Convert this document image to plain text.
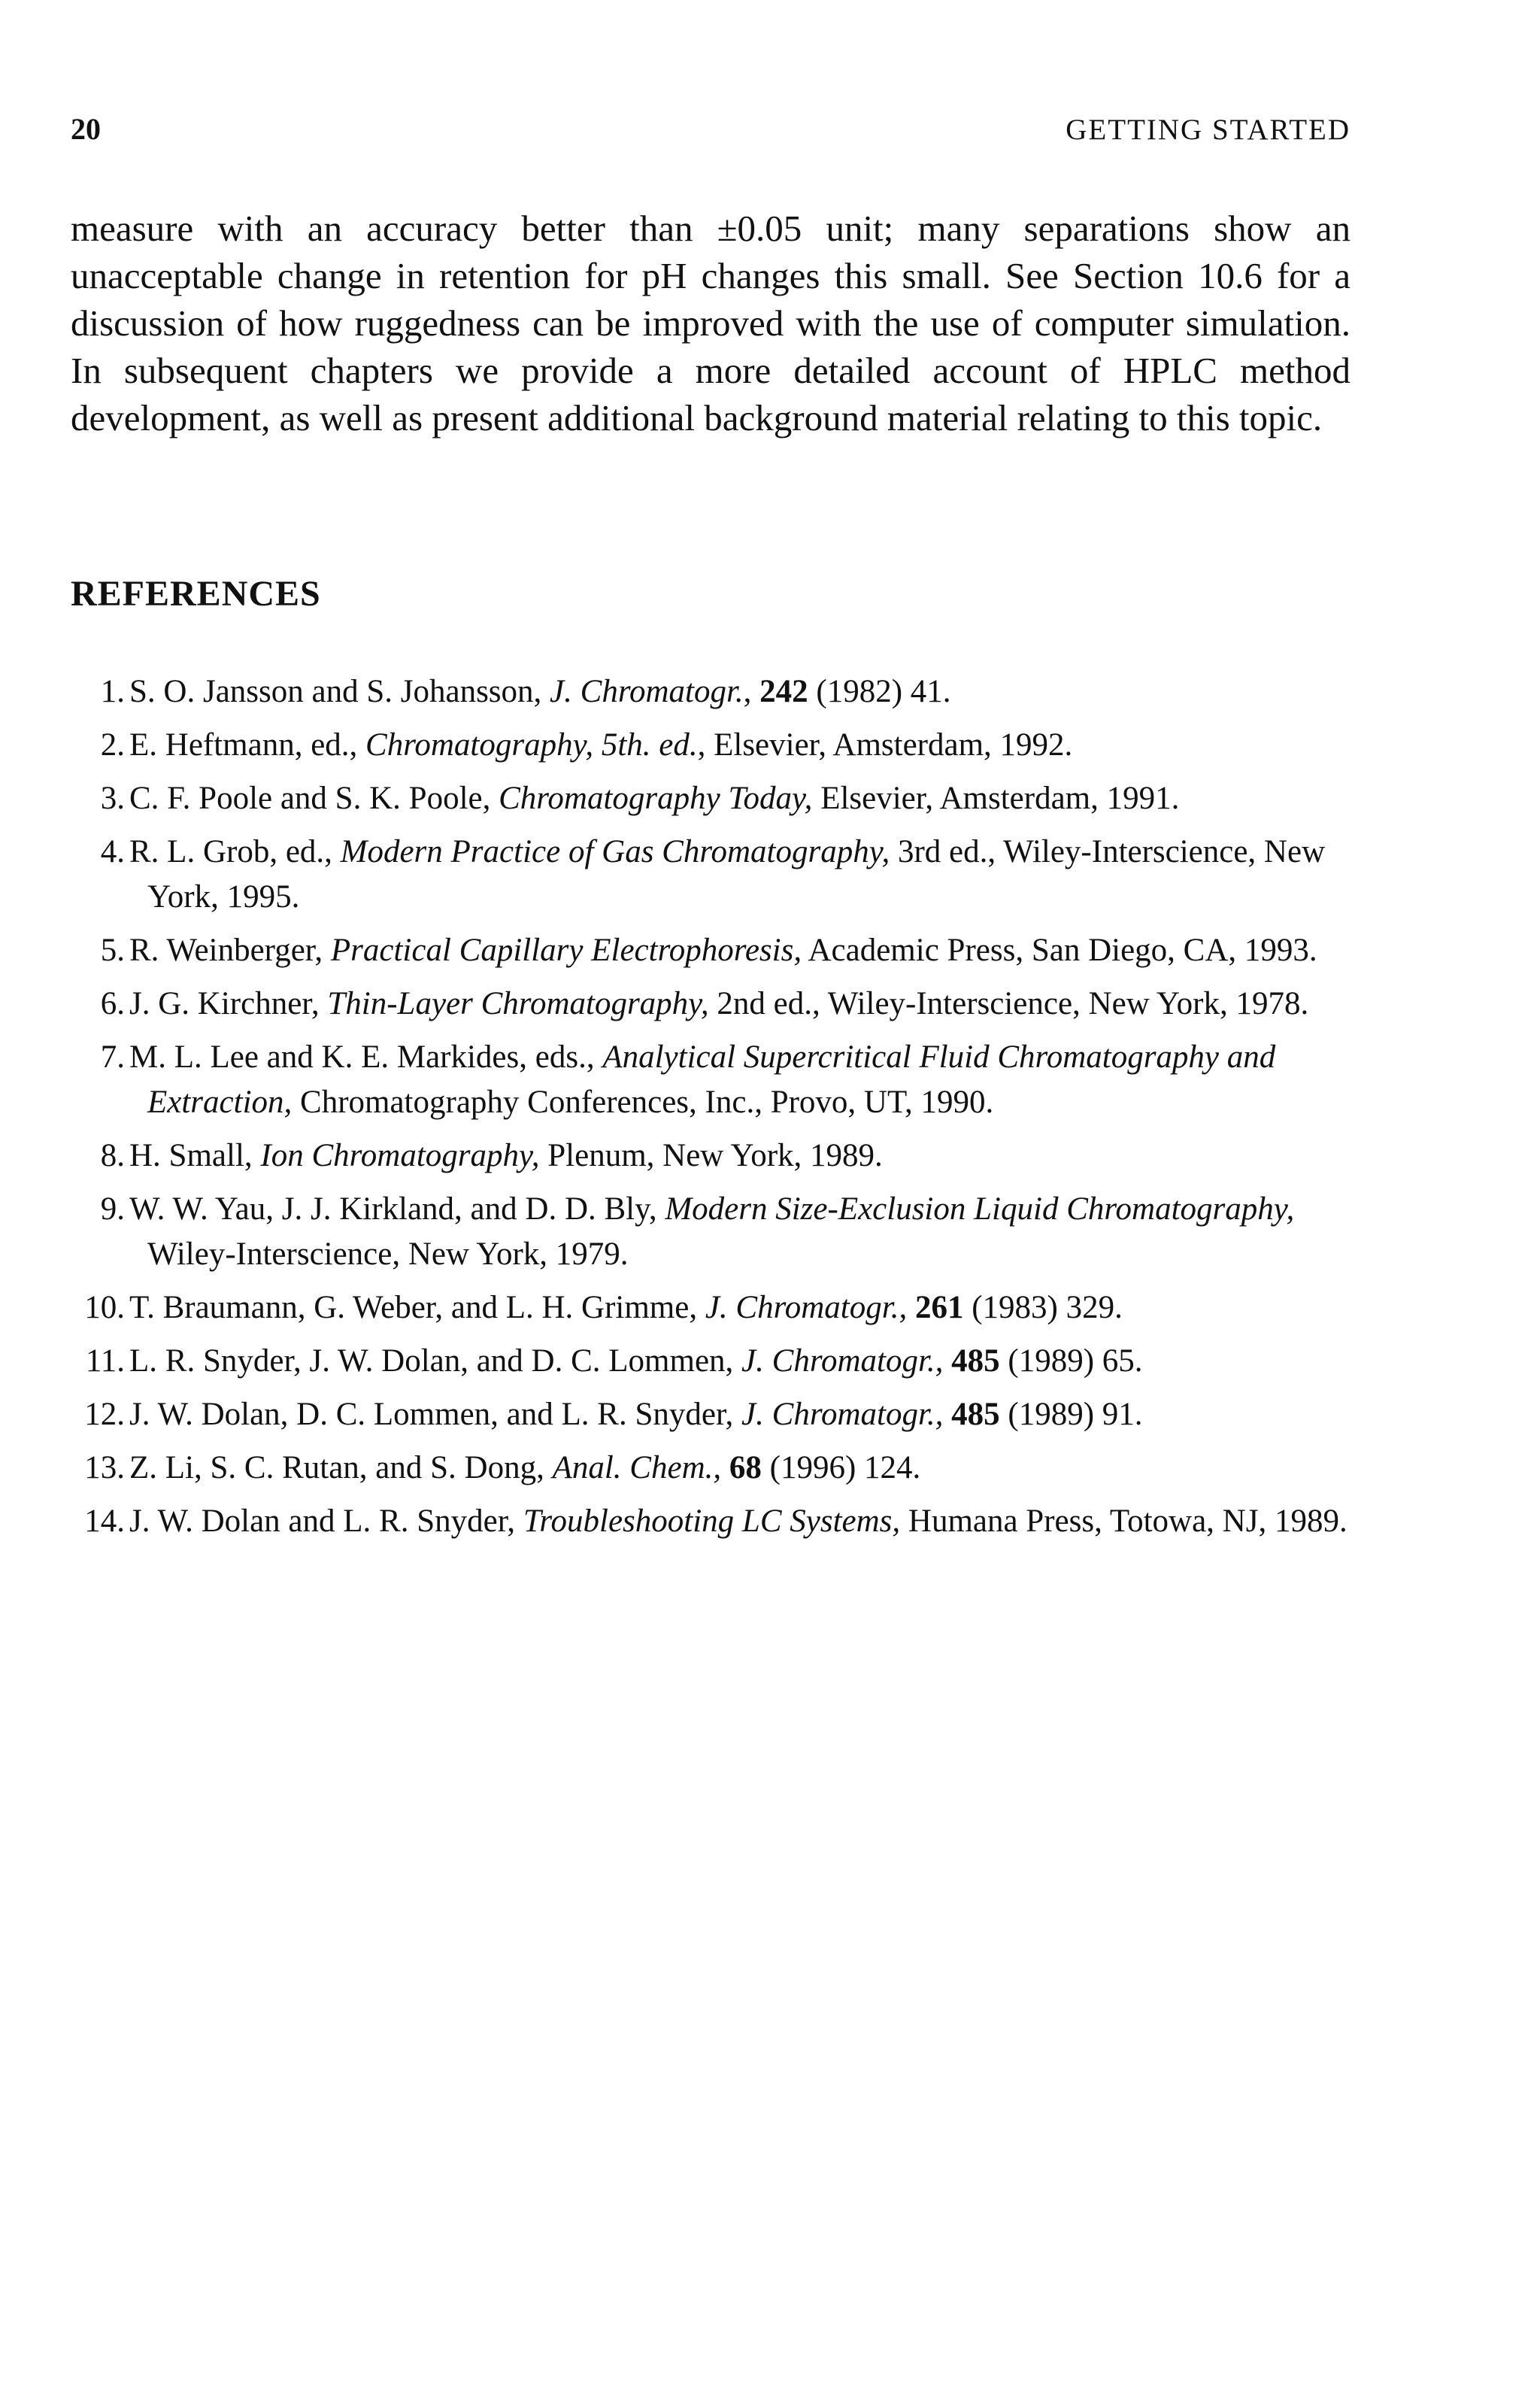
20	GETTING STARTED

measure with an accuracy better than ±0.05 unit; many separations show an unacceptable change in retention for pH changes this small. See Section 10.6 for a discussion of how ruggedness can be improved with the use of computer simulation. In subsequent chapters we provide a more detailed account of HPLC method development, as well as present additional background material relating to this topic.

REFERENCES
1. S. O. Jansson and S. Johansson, J. Chromatogr., 242 (1982) 41.
2. E. Heftmann, ed., Chromatography, 5th. ed., Elsevier, Amsterdam, 1992.
3. C. F. Poole and S. K. Poole, Chromatography Today, Elsevier, Amsterdam, 1991.
4. R. L. Grob, ed., Modern Practice of Gas Chromatography, 3rd ed., Wiley-Interscience, New York, 1995.
5. R. Weinberger, Practical Capillary Electrophoresis, Academic Press, San Diego, CA, 1993.
6. J. G. Kirchner, Thin-Layer Chromatography, 2nd ed., Wiley-Interscience, New York, 1978.
7. M. L. Lee and K. E. Markides, eds., Analytical Supercritical Fluid Chromatography and Extraction, Chromatography Conferences, Inc., Provo, UT, 1990.
8. H. Small, Ion Chromatography, Plenum, New York, 1989.
9. W. W. Yau, J. J. Kirkland, and D. D. Bly, Modern Size-Exclusion Liquid Chromatography, Wiley-Interscience, New York, 1979.
10. T. Braumann, G. Weber, and L. H. Grimme, J. Chromatogr., 261 (1983) 329.
11. L. R. Snyder, J. W. Dolan, and D. C. Lommen, J. Chromatogr., 485 (1989) 65.
12. J. W. Dolan, D. C. Lommen, and L. R. Snyder, J. Chromatogr., 485 (1989) 91.
13. Z. Li, S. C. Rutan, and S. Dong, Anal. Chem., 68 (1996) 124.
14. J. W. Dolan and L. R. Snyder, Troubleshooting LC Systems, Humana Press, Totowa, NJ, 1989.
